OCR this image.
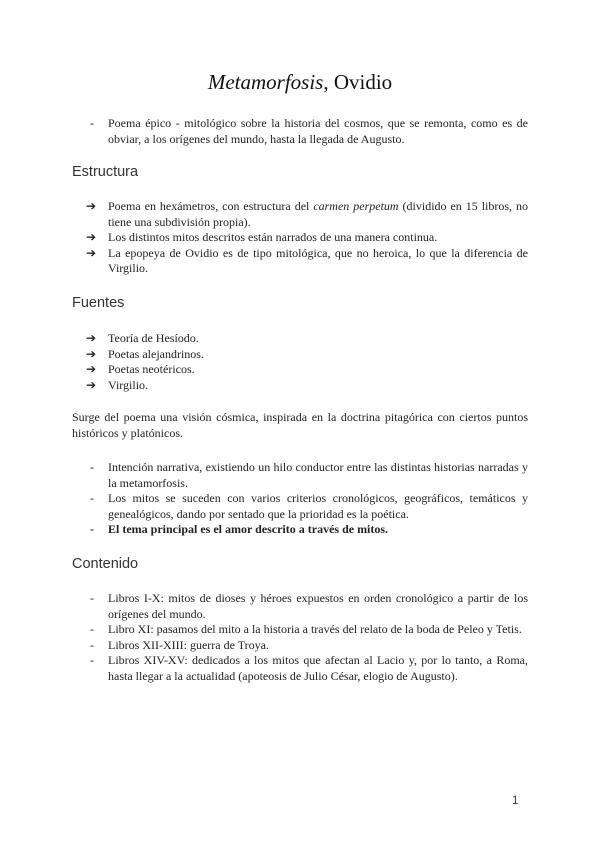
Metamorfosis, Ovidio
- Poema épico - mitológico sobre la historia del cosmos, que se remonta, como es de obviar, a los orígenes del mundo, hasta la llegada de Augusto.
Estructura
➔ Poema en hexámetros, con estructura del carmen perpetum (dividido en 15 libros, no tiene una subdivisión propia).
➔ Los distintos mitos descritos están narrados de una manera continua.
➔ La epopeya de Ovidio es de tipo mitológica, que no heroica, lo que la diferencia de Virgilio.
Fuentes
➔ Teoría de Hesíodo.
➔ Poetas alejandrinos.
➔ Poetas neotéricos.
➔ Virgilio.
Surge del poema una visión cósmica, inspirada en la doctrina pitagórica con ciertos puntos históricos y platónicos.
- Intención narrativa, existiendo un hilo conductor entre las distintas historias narradas y la metamorfosis.
- Los mitos se suceden con varios criterios cronológicos, geográficos, temáticos y genealógicos, dando por sentado que la prioridad es la poética.
- El tema principal es el amor descrito a través de mitos.
Contenido
- Libros I-X: mitos de dioses y héroes expuestos en orden cronológico a partir de los orígenes del mundo.
- Libro XI: pasamos del mito a la historia a través del relato de la boda de Peleo y Tetis.
- Libros XII-XIII: guerra de Troya.
- Libros XIV-XV: dedicados a los mitos que afectan al Lacio y, por lo tanto, a Roma, hasta llegar a la actualidad (apoteosis de Julio César, elogio de Augusto).
1
